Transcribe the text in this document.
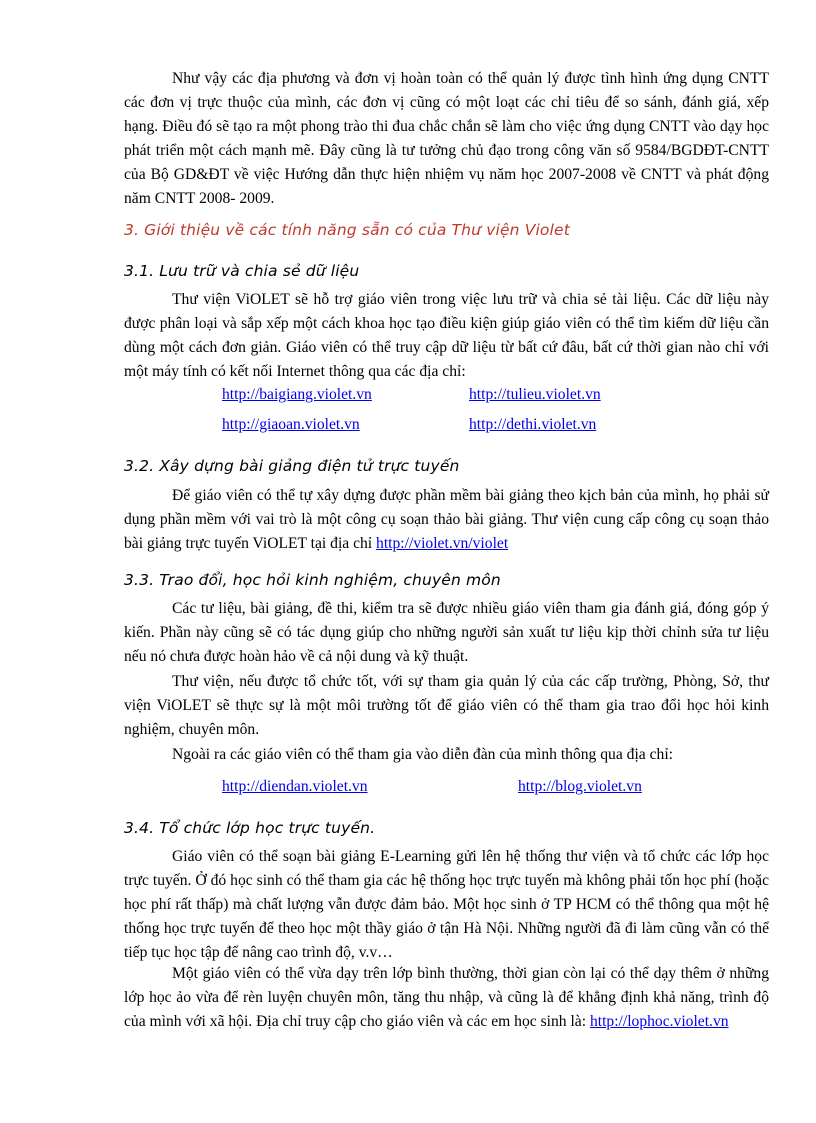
Như vậy các địa phương và đơn vị hoàn toàn có thể quản lý được tình hình ứng dụng CNTT các đơn vị trực thuộc của mình, các đơn vị cũng có một loạt các chỉ tiêu để so sánh, đánh giá, xếp hạng. Điều đó sẽ tạo ra một phong trào thi đua chắc chắn sẽ làm cho việc ứng dụng CNTT vào dạy học phát triển một cách mạnh mẽ. Đây cũng là tư tưởng chủ đạo trong công văn số 9584/BGDĐT-CNTT của Bộ GD&ĐT về việc Hướng dẫn thực hiện nhiệm vụ năm học 2007-2008 về CNTT và phát động năm CNTT 2008- 2009.

3. Giới thiệu về các tính năng sẵn có của Thư viện Violet

3.1. Lưu trữ và chia sẻ dữ liệu

Thư viện ViOLET sẽ hỗ trợ giáo viên trong việc lưu trữ và chia sẻ tài liệu. Các dữ liệu này được phân loại và sắp xếp một cách khoa học tạo điều kiện giúp giáo viên có thể tìm kiếm dữ liệu cần dùng một cách đơn giản. Giáo viên có thể truy cập dữ liệu từ bất cứ đâu, bất cứ thời gian nào chỉ với một máy tính có kết nối Internet thông qua các địa chỉ:

http://baigiang.violet.vn	http://tulieu.violet.vn
http://giaoan.violet.vn	http://dethi.violet.vn

3.2. Xây dựng bài giảng điện tử trực tuyến

Để giáo viên có thể tự xây dựng được phần mềm bài giảng theo kịch bản của mình, họ phải sử dụng phần mềm với vai trò là một công cụ soạn thảo bài giảng. Thư viện cung cấp công cụ soạn thảo bài giảng trực tuyến ViOLET tại địa chỉ http://violet.vn/violet

3.3. Trao đổi, học hỏi kinh nghiệm, chuyên môn

Các tư liệu, bài giảng, đề thi, kiểm tra sẽ được nhiều giáo viên tham gia đánh giá, đóng góp ý kiến. Phần này cũng sẽ có tác dụng giúp cho những người sản xuất tư liệu kịp thời chỉnh sửa tư liệu nếu nó chưa được hoàn hảo về cả nội dung và kỹ thuật.

Thư viện, nếu được tổ chức tốt, với sự tham gia quản lý của các cấp trường, Phòng, Sở, thư viện ViOLET sẽ thực sự là một môi trường tốt để giáo viên có thể tham gia trao đổi học hỏi kinh nghiệm, chuyên môn.

Ngoài ra các giáo viên có thể tham gia vào diễn đàn của mình thông qua địa chỉ:

http://diendan.violet.vn	http://blog.violet.vn

3.4. Tổ chức lớp học trực tuyến.

Giáo viên có thể soạn bài giảng E-Learning gửi lên hệ thống thư viện và tổ chức các lớp học trực tuyến. Ở đó học sinh có thể tham gia các hệ thống học trực tuyến mà không phải tốn học phí (hoặc học phí rất thấp) mà chất lượng vẫn được đảm bảo. Một học sinh ở TP HCM có thể thông qua một hệ thống học trực tuyến để theo học một thầy giáo ở tận Hà Nội. Những người đã đi làm cũng vẫn có thể tiếp tục học tập để nâng cao trình độ, v.v…

Một giáo viên có thể vừa dạy trên lớp bình thường, thời gian còn lại có thể dạy thêm ở những lớp học ảo vừa để rèn luyện chuyên môn, tăng thu nhập, và cũng là để khẳng định khả năng, trình độ của mình với xã hội. Địa chỉ truy cập cho giáo viên và các em học sinh là: http://lophoc.violet.vn
